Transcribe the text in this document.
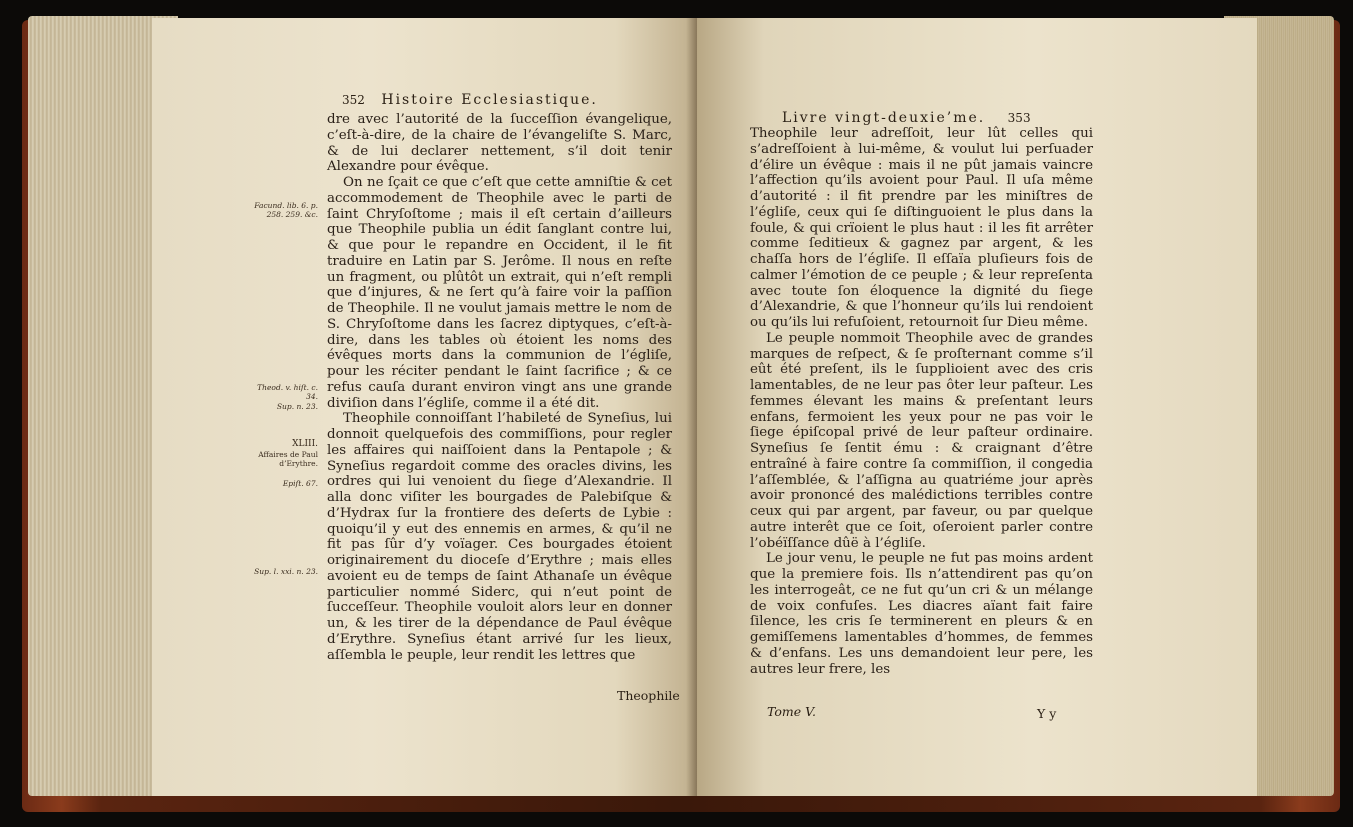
352 Histoire Ecclesiastique.
Facund. lib. 6. p. 258. 259. &c.
Theod. v. hiſt. c. 34.
Sup. n. 23.
XLIII.
Affaires de Paul d’Erythre.
Epiſt. 67.
Sup. l. xxi. n. 23.

dre avec l’autorité de la ſucceſſion évangelique, c’eſt-à-dire, de la chaire de l’évangeliſte S. Marc, & de lui declarer nettement, s’il doit tenir Alexandre pour évêque.

On ne ſçait ce que c’eſt que cette amniſtie & cet accommodement de Theophile avec le parti de ſaint Chryſoſtome ; mais il eſt certain d’ailleurs que Theophile publia un édit ſanglant contre lui, & que pour le repandre en Occident, il le fit traduire en Latin par S. Jerôme. Il nous en reſte un fragment, ou plûtôt un extrait, qui n’eſt rempli que d’injures, & ne ſert qu’à faire voir la paſſion de Theophile. Il ne voulut jamais mettre le nom de S. Chryſoſtome dans les ſacrez diptyques, c’eſt-à-dire, dans les tables où étoient les noms des évêques morts dans la communion de l’égliſe, pour les réciter pendant le ſaint ſacrifice ; & ce refus cauſa durant environ vingt ans une grande diviſion dans l’égliſe, comme il a été dit.

Theophile connoiſſant l’habileté de Syneſius, lui donnoit quelquefois des commiſſions, pour regler les affaires qui naiſſoient dans la Pentapole ; & Syneſius regardoit comme des oracles divins, les ordres qui lui venoient du ſiege d’Alexandrie. Il alla donc viſiter les bourgades de Palebiſque & d’Hydrax ſur la frontiere des deſerts de Lybie : quoiqu’il y eut des ennemis en armes, & qu’il ne fit pas ſûr d’y voïager. Ces bourgades étoient originairement du dioceſe d’Erythre ; mais elles avoient eu de temps de ſaint Athanaſe un évêque particulier nommé Siderc, qui n’eut point de ſucceſſeur. Theophile vouloit alors leur en donner un, & les tirer de la dépendance de Paul évêque d’Erythre. Syneſius étant arrivé ſur les lieux, aſſembla le peuple, leur rendit les lettres que

Theophile
Livre vingt-deuxie’me. 353

Theophile leur adreſſoit, leur lût celles qui s’adreſſoient à lui-même, & voulut lui perſuader d’élire un évêque : mais il ne pût jamais vaincre l’affection qu’ils avoient pour Paul. Il uſa même d’autorité : il fit prendre par les miniſtres de l’égliſe, ceux qui ſe diſtinguoient le plus dans la foule, & qui crïoient le plus haut : il les fit arrêter comme ſeditieux & gagnez par argent, & les chaſſa hors de l’égliſe. Il eſſaïa pluſieurs fois de calmer l’émotion de ce peuple ; & leur repreſenta avec toute ſon éloquence la dignité du ſiege d’Alexandrie, & que l’honneur qu’ils lui rendoient ou qu’ils lui refuſoient, retournoit ſur Dieu même.

Le peuple nommoit Theophile avec de grandes marques de reſpect, & ſe proſternant comme s’il eût été preſent, ils le ſupplioient avec des cris lamentables, de ne leur pas ôter leur paſteur. Les femmes élevant les mains & preſentant leurs enfans, fermoient les yeux pour ne pas voir le ſiege épiſcopal privé de leur paſteur ordinaire. Syneſius ſe ſentit ému : & craignant d’être entraîné à faire contre ſa commiſſion, il congedia l’aſſemblée, & l’aſſigna au quatriéme jour après avoir prononcé des malédictions terribles contre ceux qui par argent, par faveur, ou par quelque autre interêt que ce ſoit, oſeroient parler contre l’obéïſſance dûë à l’égliſe.

Le jour venu, le peuple ne fut pas moins ardent que la premiere fois. Ils n’attendirent pas qu’on les interrogeât, ce ne fut qu’un cri & un mélange de voix confuſes. Les diacres aïant fait faire ſilence, les cris ſe terminerent en pleurs & en gemiſſemens lamentables d’hommes, de femmes & d’enfans. Les uns demandoient leur pere, les autres leur frere, les

Tome V.	Y y
